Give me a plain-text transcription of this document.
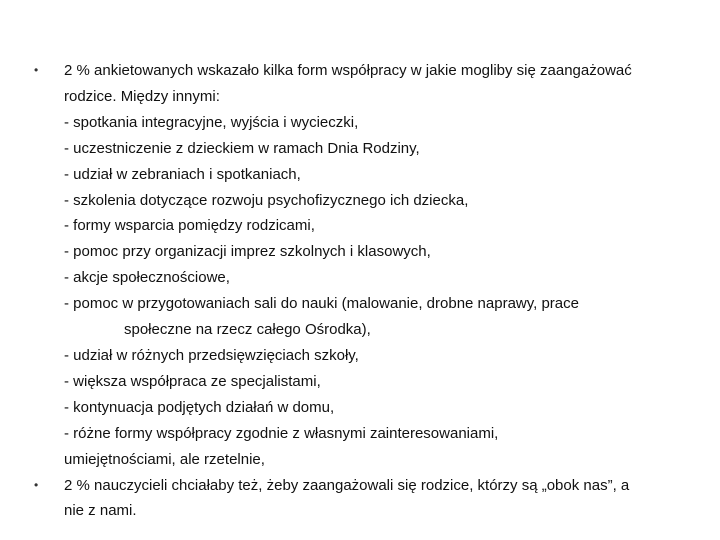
•	2 % ankietowanych wskazało kilka form współpracy w jakie mogliby się zaangażować
rodzice. Między innymi:
- spotkania integracyjne, wyjścia i wycieczki,
- uczestniczenie z dzieckiem w ramach Dnia Rodziny,
- udział w zebraniach i spotkaniach,
- szkolenia dotyczące rozwoju psychofizycznego ich dziecka,
- formy wsparcia pomiędzy rodzicami,
- pomoc przy organizacji imprez szkolnych i klasowych,
- akcje społecznościowe,
- pomoc w przygotowaniach sali do nauki (malowanie, drobne naprawy, prace
społeczne na rzecz całego Ośrodka),
- udział w różnych przedsięwzięciach szkoły,
- większa współpraca ze specjalistami,
- kontynuacja podjętych działań w domu,
- różne formy współpracy zgodnie z własnymi zainteresowaniami,
umiejętnościami, ale rzetelnie,
•	2 % nauczycieli chciałaby też, żeby zaangażowali się rodzice, którzy są „obok nas”, a
nie z nami.
